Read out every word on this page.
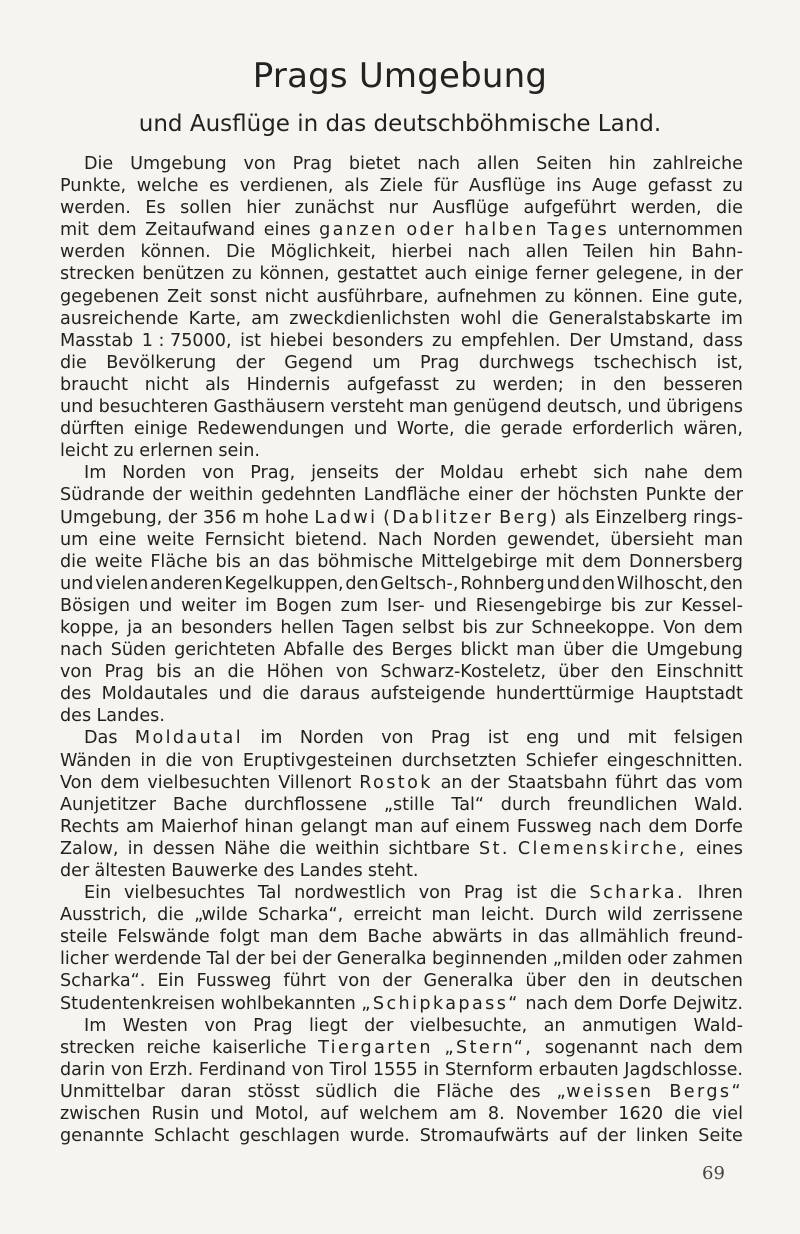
Prags Umgebung
und Ausflüge in das deutschböhmische Land.
Die Umgebung von Prag bietet nach allen Seiten hin zahlreiche
Punkte, welche es verdienen, als Ziele für Ausflüge ins Auge gefasst zu
werden. Es sollen hier zunächst nur Ausflüge aufgeführt werden, die
mit dem Zeitaufwand eines ganzen oder halben Tages unternommen
werden können. Die Möglichkeit, hierbei nach allen Teilen hin Bahn-
strecken benützen zu können, gestattet auch einige ferner gelegene, in der
gegebenen Zeit sonst nicht ausführbare, aufnehmen zu können. Eine gute,
ausreichende Karte, am zweckdienlichsten wohl die Generalstabskarte im
Masstab 1 : 75000, ist hiebei besonders zu empfehlen. Der Umstand, dass
die Bevölkerung der Gegend um Prag durchwegs tschechisch ist,
braucht nicht als Hindernis aufgefasst zu werden; in den besseren
und besuchteren Gasthäusern versteht man genügend deutsch, und übrigens
dürften einige Redewendungen und Worte, die gerade erforderlich wären,
leicht zu erlernen sein.
Im Norden von Prag, jenseits der Moldau erhebt sich nahe dem
Südrande der weithin gedehnten Landfläche einer der höchsten Punkte der
Umgebung, der 356 m hohe Ladwi (Dablitzer Berg) als Einzelberg rings-
um eine weite Fernsicht bietend. Nach Norden gewendet, übersieht man
die weite Fläche bis an das böhmische Mittelgebirge mit dem Donnersberg
und vielen anderen Kegelkuppen, den Geltsch-, Rohnberg und den Wilhoscht, den
Bösigen und weiter im Bogen zum Iser- und Riesengebirge bis zur Kessel-
koppe, ja an besonders hellen Tagen selbst bis zur Schneekoppe. Von dem
nach Süden gerichteten Abfalle des Berges blickt man über die Umgebung
von Prag bis an die Höhen von Schwarz-Kosteletz, über den Einschnitt
des Moldautales und die daraus aufsteigende hunderttürmige Hauptstadt
des Landes.
Das Moldautal im Norden von Prag ist eng und mit felsigen
Wänden in die von Eruptivgesteinen durchsetzten Schiefer eingeschnitten.
Von dem vielbesuchten Villenort Rostok an der Staatsbahn führt das vom
Aunjetitzer Bache durchflossene „stille Tal“ durch freundlichen Wald.
Rechts am Maierhof hinan gelangt man auf einem Fussweg nach dem Dorfe
Zalow, in dessen Nähe die weithin sichtbare St. Clemenskirche, eines
der ältesten Bauwerke des Landes steht.
Ein vielbesuchtes Tal nordwestlich von Prag ist die Scharka. Ihren
Ausstrich, die „wilde Scharka“, erreicht man leicht. Durch wild zerrissene
steile Felswände folgt man dem Bache abwärts in das allmählich freund-
licher werdende Tal der bei der Generalka beginnenden „milden oder zahmen
Scharka“. Ein Fussweg führt von der Generalka über den in deutschen
Studentenkreisen wohlbekannten „Schipkapass“ nach dem Dorfe Dejwitz.
Im Westen von Prag liegt der vielbesuchte, an anmutigen Wald-
strecken reiche kaiserliche Tiergarten „Stern“, sogenannt nach dem
darin von Erzh. Ferdinand von Tirol 1555 in Sternform erbauten Jagdschlosse.
Unmittelbar daran stösst südlich die Fläche des „weissen Bergs“
zwischen Rusin und Motol, auf welchem am 8. November 1620 die viel
genannte Schlacht geschlagen wurde. Stromaufwärts auf der linken Seite
69
